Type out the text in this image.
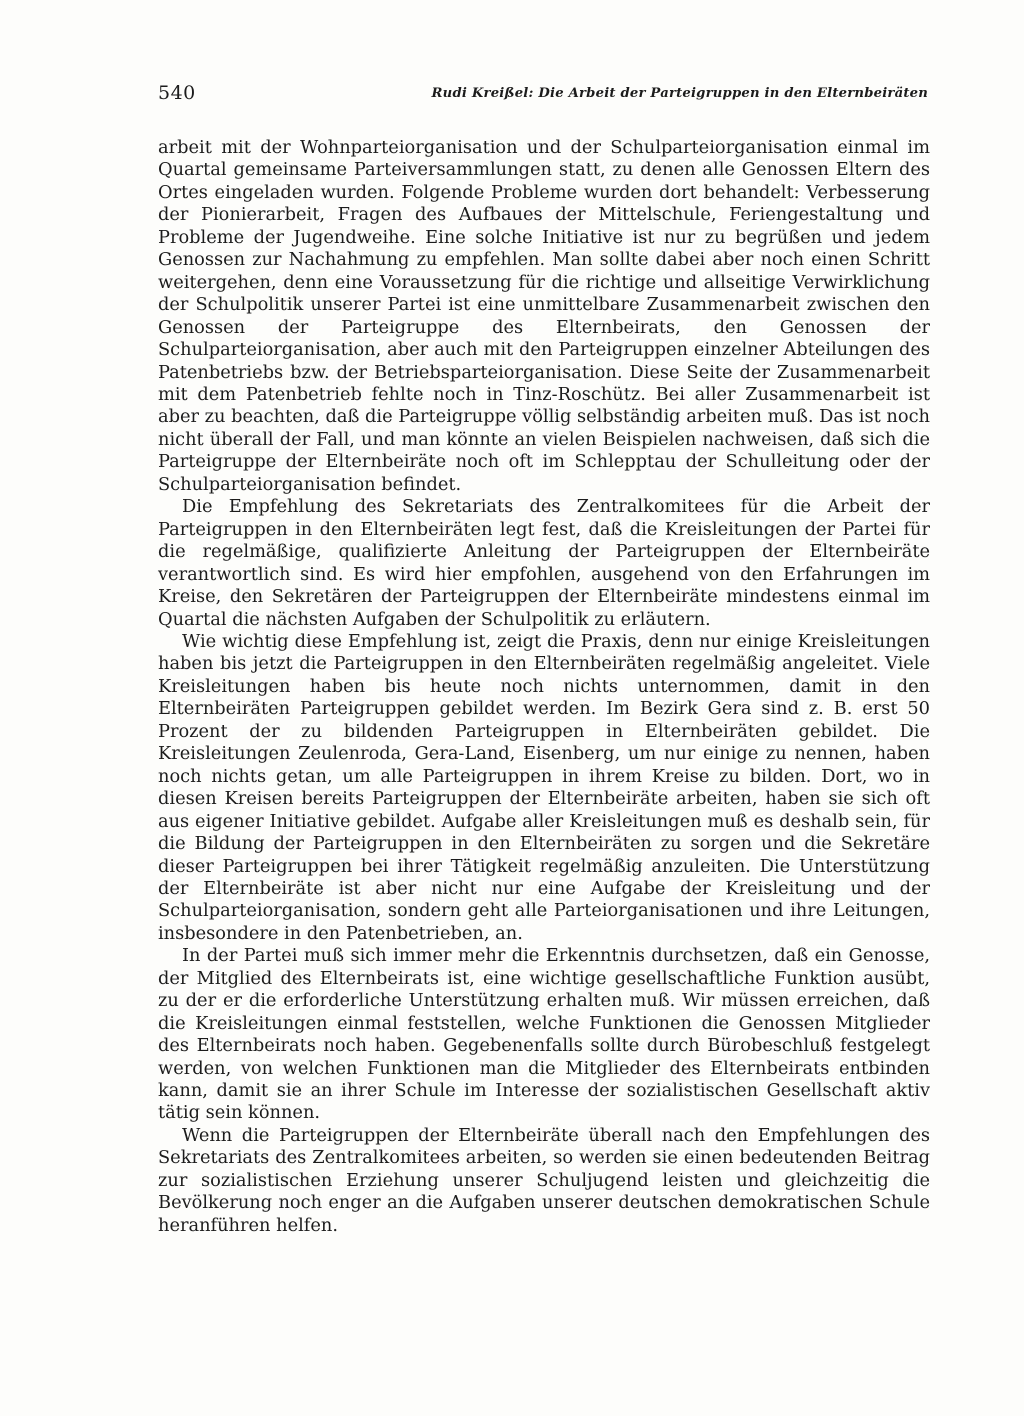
540	Rudi Kreißel: Die Arbeit der Parteigruppen in den Elternbeiräten

arbeit mit der Wohnparteiorganisation und der Schulparteiorganisation einmal im Quartal gemeinsame Parteiversammlungen statt, zu denen alle Genossen Eltern des Ortes eingeladen wurden. Folgende Probleme wurden dort behandelt: Verbesserung der Pionierarbeit, Fragen des Aufbaues der Mittelschule, Feriengestaltung und Probleme der Jugendweihe. Eine solche Initiative ist nur zu begrüßen und jedem Genossen zur Nachahmung zu empfehlen. Man sollte dabei aber noch einen Schritt weitergehen, denn eine Voraussetzung für die richtige und allseitige Verwirklichung der Schulpolitik unserer Partei ist eine unmittelbare Zusammenarbeit zwischen den Genossen der Parteigruppe des Elternbeirats, den Genossen der Schulparteiorganisation, aber auch mit den Parteigruppen einzelner Abteilungen des Patenbetriebs bzw. der Betriebsparteiorganisation. Diese Seite der Zusammenarbeit mit dem Patenbetrieb fehlte noch in Tinz-Roschütz. Bei aller Zusammenarbeit ist aber zu beachten, daß die Parteigruppe völlig selbständig arbeiten muß. Das ist noch nicht überall der Fall, und man könnte an vielen Beispielen nachweisen, daß sich die Parteigruppe der Elternbeiräte noch oft im Schlepptau der Schulleitung oder der Schulparteiorganisation befindet.

Die Empfehlung des Sekretariats des Zentralkomitees für die Arbeit der Parteigruppen in den Elternbeiräten legt fest, daß die Kreisleitungen der Partei für die regelmäßige, qualifizierte Anleitung der Parteigruppen der Elternbeiräte verantwortlich sind. Es wird hier empfohlen, ausgehend von den Erfahrungen im Kreise, den Sekretären der Parteigruppen der Elternbeiräte mindestens einmal im Quartal die nächsten Aufgaben der Schulpolitik zu erläutern.

Wie wichtig diese Empfehlung ist, zeigt die Praxis, denn nur einige Kreisleitungen haben bis jetzt die Parteigruppen in den Elternbeiräten regelmäßig angeleitet. Viele Kreisleitungen haben bis heute noch nichts unternommen, damit in den Elternbeiräten Parteigruppen gebildet werden. Im Bezirk Gera sind z. B. erst 50 Prozent der zu bildenden Parteigruppen in Elternbeiräten gebildet. Die Kreisleitungen Zeulenroda, Gera-Land, Eisenberg, um nur einige zu nennen, haben noch nichts getan, um alle Parteigruppen in ihrem Kreise zu bilden. Dort, wo in diesen Kreisen bereits Parteigruppen der Elternbeiräte arbeiten, haben sie sich oft aus eigener Initiative gebildet. Aufgabe aller Kreisleitungen muß es deshalb sein, für die Bildung der Parteigruppen in den Elternbeiräten zu sorgen und die Sekretäre dieser Parteigruppen bei ihrer Tätigkeit regelmäßig anzuleiten. Die Unterstützung der Elternbeiräte ist aber nicht nur eine Aufgabe der Kreisleitung und der Schulparteiorganisation, sondern geht alle Parteiorganisationen und ihre Leitungen, insbesondere in den Patenbetrieben, an.

In der Partei muß sich immer mehr die Erkenntnis durchsetzen, daß ein Genosse, der Mitglied des Elternbeirats ist, eine wichtige gesellschaftliche Funktion ausübt, zu der er die erforderliche Unterstützung erhalten muß. Wir müssen erreichen, daß die Kreisleitungen einmal feststellen, welche Funktionen die Genossen Mitglieder des Elternbeirats noch haben. Gegebenenfalls sollte durch Bürobeschluß festgelegt werden, von welchen Funktionen man die Mitglieder des Elternbeirats entbinden kann, damit sie an ihrer Schule im Interesse der sozialistischen Gesellschaft aktiv tätig sein können.

Wenn die Parteigruppen der Elternbeiräte überall nach den Empfehlungen des Sekretariats des Zentralkomitees arbeiten, so werden sie einen bedeutenden Beitrag zur sozialistischen Erziehung unserer Schuljugend leisten und gleichzeitig die Bevölkerung noch enger an die Aufgaben unserer deutschen demokratischen Schule heranführen helfen.
